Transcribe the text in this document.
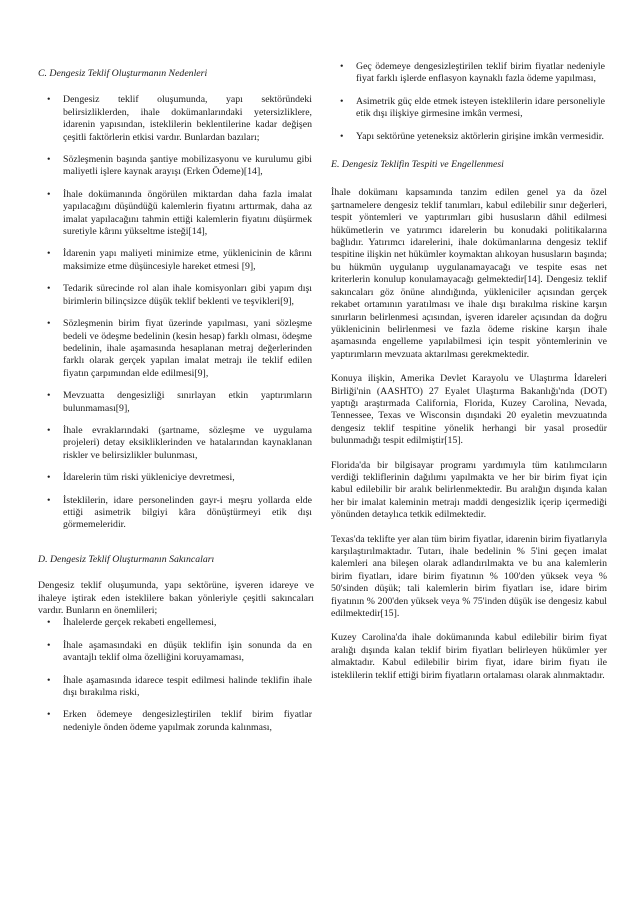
C. Dengesiz Teklif Oluşturmanın Nedenleri

• Dengesiz teklif oluşumunda, yapı sektöründeki belirsizliklerden, ihale dokümanlarındaki yetersizliklere, idarenin yapısından, isteklilerin beklentilerine kadar değişen çeşitli faktörlerin etkisi vardır. Bunlardan bazıları;
• Sözleşmenin başında şantiye mobilizasyonu ve kurulumu gibi maliyetli işlere kaynak arayışı (Erken Ödeme)[14],
• İhale dokümanında öngörülen miktardan daha fazla imalat yapılacağını düşündüğü kalemlerin fiyatını arttırmak, daha az imalat yapılacağını tahmin ettiği kalemlerin fiyatını düşürmek suretiyle kârını yükseltme isteği[14],
• İdarenin yapı maliyeti minimize etme, yüklenicinin de kârını maksimize etme düşüncesiyle hareket etmesi [9],
• Tedarik sürecinde rol alan ihale komisyonları gibi yapım dışı birimlerin bilinçsizce düşük teklif beklenti ve teşvikleri[9],
• Sözleşmenin birim fiyat üzerinde yapılması, yani sözleşme bedeli ve ödeşme bedelinin (kesin hesap) farklı olması, ödeşme bedelinin, ihale aşamasında hesaplanan metraj değerlerinden farklı olarak gerçek yapılan imalat metrajı ile teklif edilen fiyatın çarpımından elde edilmesi[9],
• Mevzuatta dengesizliği sınırlayan etkin yaptırımların bulunmaması[9],
• İhale evraklarındaki (şartname, sözleşme ve uygulama projeleri) detay eksikliklerinden ve hatalarından kaynaklanan riskler ve belirsizlikler bulunması,
• İdarelerin tüm riski yükleniciye devretmesi,
• İsteklilerin, idare personelinden gayr-i meşru yollarda elde ettiği asimetrik bilgiyi kâra dönüştürmeyi etik dışı görmemeleridir.

D. Dengesiz Teklif Oluşturmanın Sakıncaları

Dengesiz teklif oluşumunda, yapı sektörüne, işveren idareye ve ihaleye iştirak eden isteklilere bakan yönleriyle çeşitli sakıncaları vardır. Bunların en önemlileri;

• İhalelerde gerçek rekabeti engellemesi,
• İhale aşamasındaki en düşük teklifin işin sonunda da en avantajlı teklif olma özelliğini koruyamaması,
• İhale aşamasında idarece tespit edilmesi halinde teklifin ihale dışı bırakılma riski,
• Erken ödemeye dengesizleştirilen teklif birim fiyatlar nedeniyle önden ödeme yapılmak zorunda kalınması,
• Geç ödemeye dengesizleştirilen teklif birim fiyatlar nedeniyle fiyat farklı işlerde enflasyon kaynaklı fazla ödeme yapılması,
• Asimetrik güç elde etmek isteyen isteklilerin idare personeliyle etik dışı ilişkiye girmesine imkân vermesi,
• Yapı sektörüne yeteneksiz aktörlerin girişine imkân vermesidir.

E. Dengesiz Teklifin Tespiti ve Engellenmesi

İhale dokümanı kapsamında tanzim edilen genel ya da özel şartnamelere dengesiz teklif tanımları, kabul edilebilir sınır değerleri, tespit yöntemleri ve yaptırımları gibi hususların dâhil edilmesi hükümetlerin ve yatırımcı idarelerin bu konudaki politikalarına bağlıdır. Yatırımcı idarelerini, ihale dokümanlarına dengesiz teklif tespitine ilişkin net hükümler koymaktan alıkoyan hususların başında; bu hükmün uygulanıp uygulanamayacağı ve tespite esas net kriterlerin konulup konulamayacağı gelmektedir[14]. Dengesiz teklif sakıncaları göz önüne alındığında, yükleniciler açısından gerçek rekabet ortamının yaratılması ve ihale dışı bırakılma riskine karşın sınırların belirlenmesi açısından, işveren idareler açısından da doğru yüklenicinin belirlenmesi ve fazla ödeme riskine karşın ihale aşamasında engelleme yapılabilmesi için tespit yöntemlerinin ve yaptırımların mevzuata aktarılması gerekmektedir.

Konuya ilişkin, Amerika Devlet Karayolu ve Ulaştırma İdareleri Birliği'nin (AASHTO) 27 Eyalet Ulaştırma Bakanlığı'nda (DOT) yaptığı araştırmada California, Florida, Kuzey Carolina, Nevada, Tennessee, Texas ve Wisconsin dışındaki 20 eyaletin mevzuatında dengesiz teklif tespitine yönelik herhangi bir yasal prosedür bulunmadığı tespit edilmiştir[15].

Florida'da bir bilgisayar programı yardımıyla tüm katılımcıların verdiği tekliflerinin dağılımı yapılmakta ve her bir birim fiyat için kabul edilebilir bir aralık belirlenmektedir. Bu aralığın dışında kalan her bir imalat kaleminin metrajı maddi dengesizlik içerip içermediği yönünden detaylıca tetkik edilmektedir.

Texas'da teklifte yer alan tüm birim fiyatlar, idarenin birim fiyatlarıyla karşılaştırılmaktadır. Tutarı, ihale bedelinin % 5'ini geçen imalat kalemleri ana bileşen olarak adlandırılmakta ve bu ana kalemlerin birim fiyatları, idare birim fiyatının % 100'den yüksek veya % 50'sinden düşük; tali kalemlerin birim fiyatları ise, idare birim fiyatının % 200'den yüksek veya % 75'inden düşük ise dengesiz kabul edilmektedir[15].

Kuzey Carolina'da ihale dokümanında kabul edilebilir birim fiyat aralığı dışında kalan teklif birim fiyatları belirleyen hükümler yer almaktadır. Kabul edilebilir birim fiyat, idare birim fiyatı ile isteklilerin teklif ettiği birim fiyatların ortalaması olarak alınmaktadır.
